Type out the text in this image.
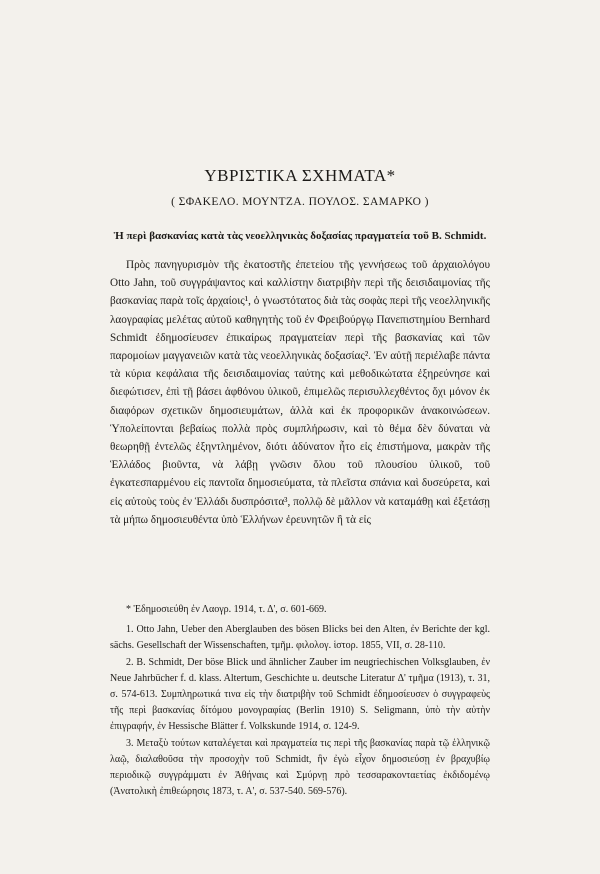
ΥΒΡΙΣΤΙΚΑ ΣΧΗΜΑΤΑ*
( ΣΦΑΚΕΛΟ. ΜΟΥΝΤΖΑ. ΠΟΥΛΟΣ. ΣΑΜΑΡΚΟ )
Ἡ περὶ βασκανίας κατὰ τὰς νεοελληνικὰς δοξασίας πραγματεία τοῦ B. Schmidt.

Πρὸς πανηγυρισμὸν τῆς ἑκατοστῆς ἐπετείου τῆς γεννήσεως τοῦ ἀρχαιολόγου Otto Jahn, τοῦ συγγράψαντος καὶ καλλίστην διατριβὴν περὶ τῆς δεισιδαιμονίας τῆς βασκανίας παρὰ τοῖς ἀρχαίοις¹, ὁ γνωστότατος διὰ τὰς σοφὰς περὶ τῆς νεοελληνικῆς λαογραφίας μελέτας αὐτοῦ καθηγητὴς τοῦ ἐν Φρειβούργῳ Πανεπιστημίου Bernhard Schmidt ἐδημοσίευσεν ἐπικαίρως πραγματείαν περὶ τῆς βασκανίας καὶ τῶν παρομοίων μαγγανειῶν κατὰ τὰς νεοελληνικὰς δοξασίας². Ἐν αὐτῇ περιέλαβε πάντα τὰ κύρια κεφάλαια τῆς δεισιδαιμονίας ταύτης καὶ μεθοδικώτατα ἐξηρεύνησε καὶ διεφώτισεν, ἐπὶ τῇ βάσει ἀφθόνου ὑλικοῦ, ἐπιμελῶς περισυλλεχθέντος ὄχι μόνον ἐκ διαφόρων σχετικῶν δημοσιευμάτων, ἀλλὰ καὶ ἐκ προφορικῶν ἀνακοινώσεων. Ὑπολείπονται βεβαίως πολλὰ πρὸς συμπλήρωσιν, καὶ τὸ θέμα δὲν δύναται νὰ θεωρηθῇ ἐντελῶς ἐξηντλημένον, διότι ἀδύνατον ἦτο εἰς ἐπιστήμονα, μακρὰν τῆς Ἑλλάδος βιοῦντα, νὰ λάβῃ γνῶσιν ὅλου τοῦ πλουσίου ὑλικοῦ, τοῦ ἐγκατεσπαρμένου εἰς παντοῖα δημοσιεύματα, τὰ πλεῖστα σπάνια καὶ δυσεύρετα, καὶ εἰς αὐτοὺς τοὺς ἐν Ἑλλάδι δυσπρόσιτα³, πολλῷ δὲ μᾶλλον νὰ καταμάθῃ καὶ ἐξετάσῃ τὰ μήπω δημοσιευθέντα ὑπὸ Ἑλλήνων ἐρευνητῶν ἢ τὰ εἰς

* Ἐδημοσιεύθη ἐν Λαογρ. 1914, τ. Δ', σ. 601-669.

1. Otto Jahn, Ueber den Aberglauben des bösen Blicks bei den Alten, ἐν Berichte der kgl. sächs. Gesellschaft der Wissenschaften, τμῆμ. φιλολογ. ἱστορ. 1855, VII, σ. 28-110.

2. B. Schmidt, Der böse Blick und ähnlicher Zauber im neugriechischen Volksglauben, ἐν Neue Jahrbücher f. d. klass. Altertum, Geschichte u. deutsche Literatur Δ' τμῆμα (1913), τ. 31, σ. 574-613. Συμπληρωτικά τινα εἰς τὴν διατριβὴν τοῦ Schmidt ἐδημοσίευσεν ὁ συγγραφεὺς τῆς περὶ βασκανίας δίτόμου μονογραφίας (Berlin 1910) S. Seligmann, ὑπὸ τὴν αὐτὴν ἐπιγραφήν, ἐν Hessische Blätter f. Volkskunde 1914, σ. 124-9.

3. Μεταξὺ τούτων καταλέγεται καὶ πραγματεία τις περὶ τῆς βασκανίας παρὰ τῷ ἑλληνικῷ λαῷ, διαλαθοῦσα τὴν προσοχὴν τοῦ Schmidt, ἣν ἐγὼ εἶχον δημοσιεύσῃ ἐν βραχυβίῳ περιοδικῷ συγγράμματι ἐν Ἀθήναις καὶ Σμύρνῃ πρὸ τεσσαρακονταετίας ἐκδιδομένῳ (Ἀνατολικὴ ἐπιθεώρησις 1873, τ. Α', σ. 537-540. 569-576).
